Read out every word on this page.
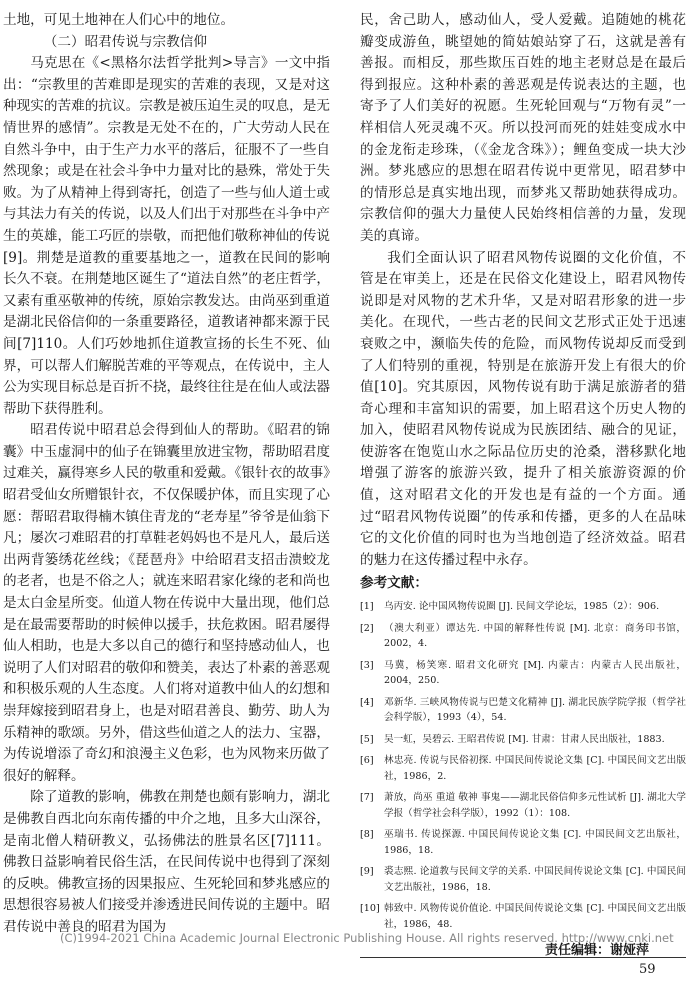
土地，可见土地神在人们心中的地位。

（二）昭君传说与宗教信仰

马克思在《<黑格尔法哲学批判>导言》一文中指出：“宗教里的苦难即是现实的苦难的表现，又是对这种现实的苦难的抗议。宗教是被压迫生灵的叹息，是无情世界的感情”。宗教是无处不在的，广大劳动人民在自然斗争中，由于生产力水平的落后，征服不了一些自然现象；或是在社会斗争中力量对比的悬殊，常处于失败。为了从精神上得到寄托，创造了一些与仙人道士或与其法力有关的传说，以及人们出于对那些在斗争中产生的英雄，能工巧匠的崇敬，而把他们敬称神仙的传说[9]。荆楚是道教的重要基地之一，道教在民间的影响长久不衰。在荆楚地区诞生了“道法自然”的老庄哲学，又素有重巫敬神的传统，原始宗教发达。由尚巫到重道是湖北民俗信仰的一条重要路径，道教诸神都来源于民间[7]110。人们巧妙地抓住道教宣扬的长生不死、仙界，可以帮人们解脱苦难的平等观点，在传说中，主人公为实现目标总是百折不挠，最终往往是在仙人或法器帮助下获得胜利。

昭君传说中昭君总会得到仙人的帮助。《昭君的锦囊》中玉虚洞中的仙子在锦囊里放进宝物，帮助昭君度过难关，赢得寒乡人民的敬重和爱戴。《银针衣的故事》昭君受仙女所赠银针衣，不仅保暖护体，而且实现了心愿：帮昭君取得楠木镇住青龙的“老寿星”爷爷是仙翁下凡；屡次刁难昭君的打草鞋老妈妈也不是凡人，最后送出两背篓绣花丝线；《琵琶舟》中给昭君支招击溃蛟龙的老者，也是不俗之人；就连来昭君家化缘的老和尚也是太白金星所变。仙道人物在传说中大量出现，他们总是在最需要帮助的时候伸以援手，扶危救困。昭君屡得仙人相助，也是大多以自己的德行和坚持感动仙人，也说明了人们对昭君的敬仰和赞美，表达了朴素的善恶观和积极乐观的人生态度。人们将对道教中仙人的幻想和崇拜嫁接到昭君身上，也是对昭君善良、勤劳、助人为乐精神的歌颂。另外，借这些仙道之人的法力、宝器，为传说增添了奇幻和浪漫主义色彩，也为风物来历做了很好的解释。

除了道教的影响，佛教在荆楚也颇有影响力，湖北是佛教自西北向东南传播的中介之地，且多大山深谷，是南北僧人精研教义，弘扬佛法的胜景名区[7]111。佛教日益影响着民俗生活，在民间传说中也得到了深刻的反映。佛教宣扬的因果报应、生死轮回和梦兆感应的思想很容易被人们接受并渗透进民间传说的主题中。昭君传说中善良的昭君为国为

民，舍己助人，感动仙人，受人爱戴。追随她的桃花瓣变成游鱼，眺望她的简姑娘站穿了石，这就是善有善报。而相反，那些欺压百姓的地主老财总是在最后得到报应。这种朴素的善恶观是传说表达的主题，也寄予了人们美好的祝愿。生死轮回观与“万物有灵”一样相信人死灵魂不灭。所以投河而死的娃娃变成水中的金龙衔走珍珠，（《金龙含珠》）；鲤鱼变成一块大沙洲。梦兆感应的思想在昭君传说中更常见，昭君梦中的情形总是真实地出现，而梦兆又帮助她获得成功。宗教信仰的强大力量使人民始终相信善的力量，发现美的真谛。

我们全面认识了昭君风物传说圈的文化价值，不管是在审美上，还是在民俗文化建设上，昭君风物传说即是对风物的艺术升华，又是对昭君形象的进一步美化。在现代，一些古老的民间文艺形式正处于迅速衰败之中，濒临失传的危险，而风物传说却反而受到了人们特别的重视，特别是在旅游开发上有很大的价值[10]。究其原因，风物传说有助于满足旅游者的猎奇心理和丰富知识的需要，加上昭君这个历史人物的加入，使昭君风物传说成为民族团结、融合的见证，使游客在饱览山水之际品位历史的沧桑，潜移默化地增强了游客的旅游兴致，提升了相关旅游资源的价值，这对昭君文化的开发也是有益的一个方面。通过“昭君风物传说圈”的传承和传播，更多的人在品味它的文化价值的同时也为当地创造了经济效益。昭君的魅力在这传播过程中永存。

参考文献：

[1]	乌丙安. 论中国风物传说圈 [J]. 民间文学论坛，1985（2）：906.
[2]	（澳大利亚）谭达先. 中国的解释性传说 [M]. 北京：商务印书馆，2002，4.
[3]	马冀，杨笑寒. 昭君文化研究 [M]. 内蒙古：内蒙古人民出版社，2004，250.
[4]	邓新华. 三峡风物传说与巴楚文化精神 [J]. 湖北民族学院学报（哲学社会科学版），1993（4），54.
[5]	吴一虹，吴碧云. 王昭君传说 [M]. 甘肃：甘肃人民出版社，1883.
[6]	林忠亮. 传说与民俗初探. 中国民间传说论文集 [C]. 中国民间文艺出版社，1986，2.
[7]	萧放，尚巫 重道 敬神 事鬼——湖北民俗信仰多元性试析 [J]. 湖北大学学报（哲学社会科学版），1992（1）：108.
[8]	巫瑞书. 传说探源. 中国民间传说论文集 [C]. 中国民间文艺出版社，1986，18.
[9]	裘志熙. 论道教与民间文学的关系. 中国民间传说论文集 [C]. 中国民间文艺出版社，1986，18.
[10] 韩致中. 风物传说价值论. 中国民间传说论文集 [C]. 中国民间文艺出版社，1986，48.
(C)1994-2021 China Academic Journal Electronic Publishing House. All rights reserved. http://www.cnki.net
责任编辑：谢娅萍
59
